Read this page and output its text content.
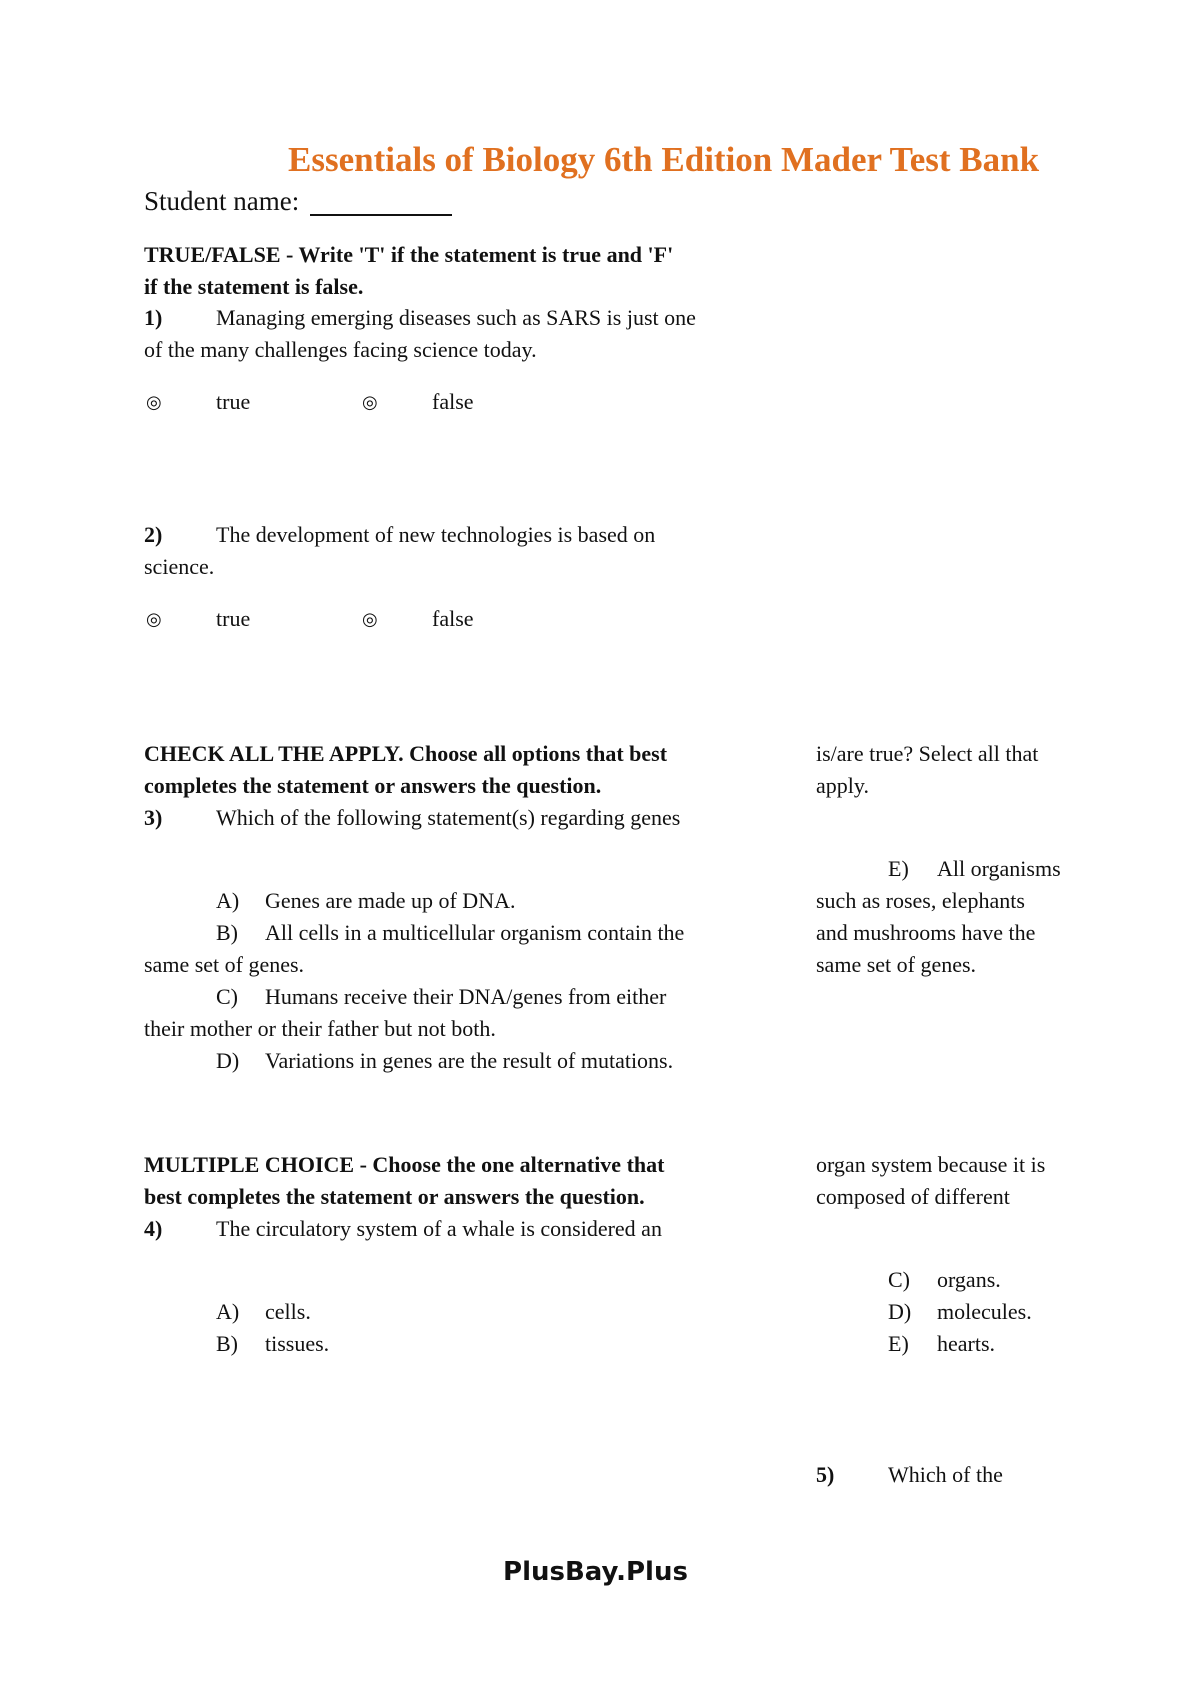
Essentials of Biology 6th Edition Mader Test Bank
Student name:
TRUE/FALSE - Write 'T' if the statement is true and 'F'
if the statement is false.
1) Managing emerging diseases such as SARS is just one
of the many challenges facing science today.
◎ true	◎ false
2) The development of new technologies is based on
science.
◎ true	◎ false
CHECK ALL THE APPLY. Choose all options that best
completes the statement or answers the question.
3) Which of the following statement(s) regarding genes
is/are true? Select all that
apply.
A) Genes are made up of DNA.
B) All cells in a multicellular organism contain the
same set of genes.
C) Humans receive their DNA/genes from either
their mother or their father but not both.
D) Variations in genes are the result of mutations.
E) All organisms
such as roses, elephants
and mushrooms have the
same set of genes.
MULTIPLE CHOICE - Choose the one alternative that
best completes the statement or answers the question.
4) The circulatory system of a whale is considered an
organ system because it is
composed of different
A) cells.
B) tissues.
C) organs.
D) molecules.
E) hearts.
5) Which of the
PlusBay.Plus
